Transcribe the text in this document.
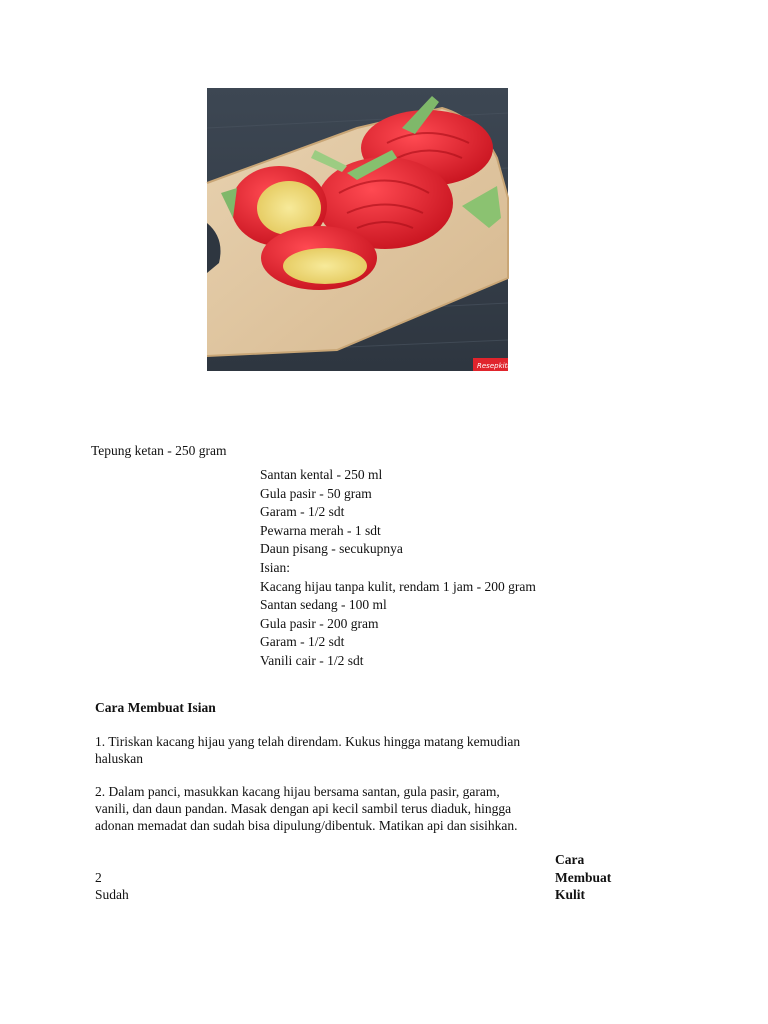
Resepkita
Tepung ketan - 250 gram
Santan kental - 250 ml
Gula pasir - 50 gram
Garam - 1/2 sdt
Pewarna merah - 1 sdt
Daun pisang - secukupnya
Isian:
Kacang hijau tanpa kulit, rendam 1 jam - 200 gram
Santan sedang - 100 ml
Gula pasir - 200 gram
Garam - 1/2 sdt
Vanili cair - 1/2 sdt
Cara Membuat Isian

1. Tiriskan kacang hijau yang telah direndam. Kukus hingga matang kemudian haluskan

2. Dalam panci, masukkan kacang hijau bersama santan, gula pasir, garam, vanili, dan daun pandan. Masak dengan api kecil sambil terus diaduk, hingga adonan memadat dan sudah bisa dipulung/dibentuk. Matikan api dan sisihkan.

Cara
Membuat
Kulit
2
Sudah
